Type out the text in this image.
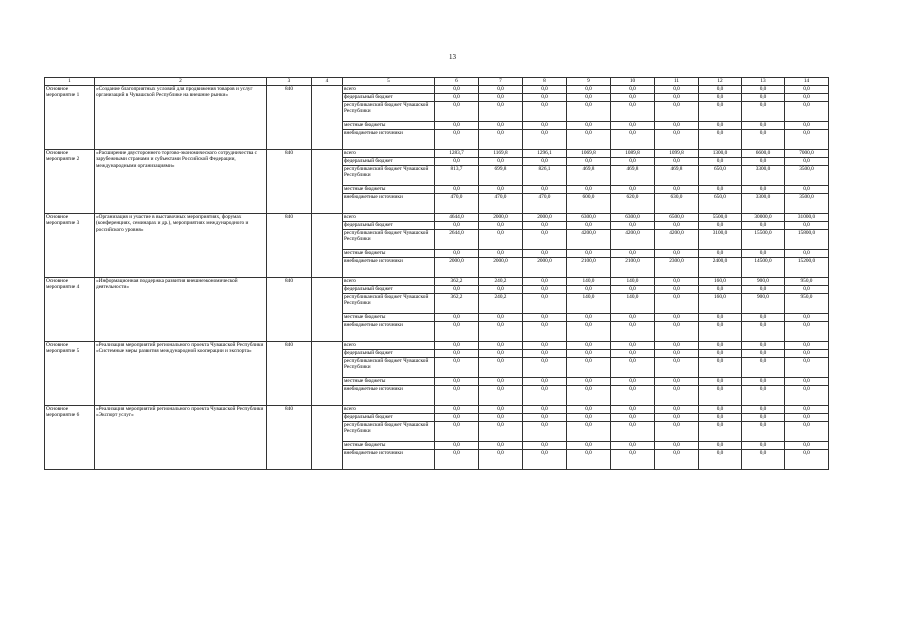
13
1	2	3	4	5	6	7	8	9	10	11	12	13	14
Основное мероприятие 1	«Создание благоприятных условий для продвижения товаров и услуг организаций в Чувашской Республике на внешние рынки»	840		всего	0,0	0,0	0,0	0,0	0,0	0,0	0,0	0,0	0,0
				федеральный бюджет	0,0	0,0	0,0	0,0	0,0	0,0	0,0	0,0	0,0
				республиканский бюджет Чувашской Республики	0,0	0,0	0,0	0,0	0,0	0,0	0,0	0,0	0,0
				местные бюджеты	0,0	0,0	0,0	0,0	0,0	0,0	0,0	0,0	0,0
				внебюджетные источники	0,0	0,0	0,0	0,0	0,0	0,0	0,0	0,0	0,0
Основное мероприятие 2	«Расширение двустороннего торгово-экономического сотрудничества с зарубежными странами и субъектами Российской Федерации, международными организациями»	840		всего	1283,7	1169,8	1296,1	1069,8	1089,8	1099,8	1300,0	6600,0	7000,0
				федеральный бюджет	0,0	0,0	0,0	0,0	0,0	0,0	0,0	0,0	0,0
				республиканский бюджет Чувашской Республики	813,7	699,8	826,1	469,8	469,8	469,8	650,0	3300,0	3500,0
				местные бюджеты	0,0	0,0	0,0	0,0	0,0	0,0	0,0	0,0	0,0
				внебюджетные источники	470,0	470,0	470,0	600,0	620,0	630,0	650,0	3300,0	3500,0
Основное мероприятие 3	«Организация и участие в выставочных мероприятиях, форумах (конференциях, семинарах и др.), мероприятиях международного и российского уровня»	840		всего	4644,0	2000,0	2000,0	6300,0	6300,0	6500,0	5500,0	30000,0	31000,0
				федеральный бюджет	0,0	0,0	0,0	0,0	0,0	0,0	0,0	0,0	0,0
				республиканский бюджет Чувашской Республики	2644,0	0,0	0,0	4200,0	4200,0	4200,0	3100,0	15500,0	15800,0
				местные бюджеты	0,0	0,0	0,0	0,0	0,0	0,0	0,0	0,0	0,0
				внебюджетные источники	2000,0	2000,0	2000,0	2100,0	2100,0	2300,0	2400,0	14500,0	15200,0
Основное мероприятие 4	«Информационная поддержка развития внешнеэкономической деятельности»	840		всего	362,2	240,2	0,0	140,0	140,0	0,0	160,0	900,0	950,0
				федеральный бюджет	0,0	0,0	0,0	0,0	0,0	0,0	0,0	0,0	0,0
				республиканский бюджет Чувашской Республики	362,2	240,2	0,0	140,0	140,0	0,0	160,0	900,0	950,0
				местные бюджеты	0,0	0,0	0,0	0,0	0,0	0,0	0,0	0,0	0,0
				внебюджетные источники	0,0	0,0	0,0	0,0	0,0	0,0	0,0	0,0	0,0
Основное мероприятие 5	«Реализация мероприятий регионального проекта Чувашской Республики «Системные меры развития международной кооперации и экспорта»	840		всего	0,0	0,0	0,0	0,0	0,0	0,0	0,0	0,0	0,0
				федеральный бюджет	0,0	0,0	0,0	0,0	0,0	0,0	0,0	0,0	0,0
				республиканский бюджет Чувашской Республики	0,0	0,0	0,0	0,0	0,0	0,0	0,0	0,0	0,0
				местные бюджеты	0,0	0,0	0,0	0,0	0,0	0,0	0,0	0,0	0,0
				внебюджетные источники	0,0	0,0	0,0	0,0	0,0	0,0	0,0	0,0	0,0
Основное мероприятие 6	«Реализация мероприятий регионального проекта Чувашской Республики «Экспорт услуг»	840		всего	0,0	0,0	0,0	0,0	0,0	0,0	0,0	0,0	0,0
				федеральный бюджет	0,0	0,0	0,0	0,0	0,0	0,0	0,0	0,0	0,0
				республиканский бюджет Чувашской Республики	0,0	0,0	0,0	0,0	0,0	0,0	0,0	0,0	0,0
				местные бюджеты	0,0	0,0	0,0	0,0	0,0	0,0	0,0	0,0	0,0
				внебюджетные источники	0,0	0,0	0,0	0,0	0,0	0,0	0,0	0,0	0,0
